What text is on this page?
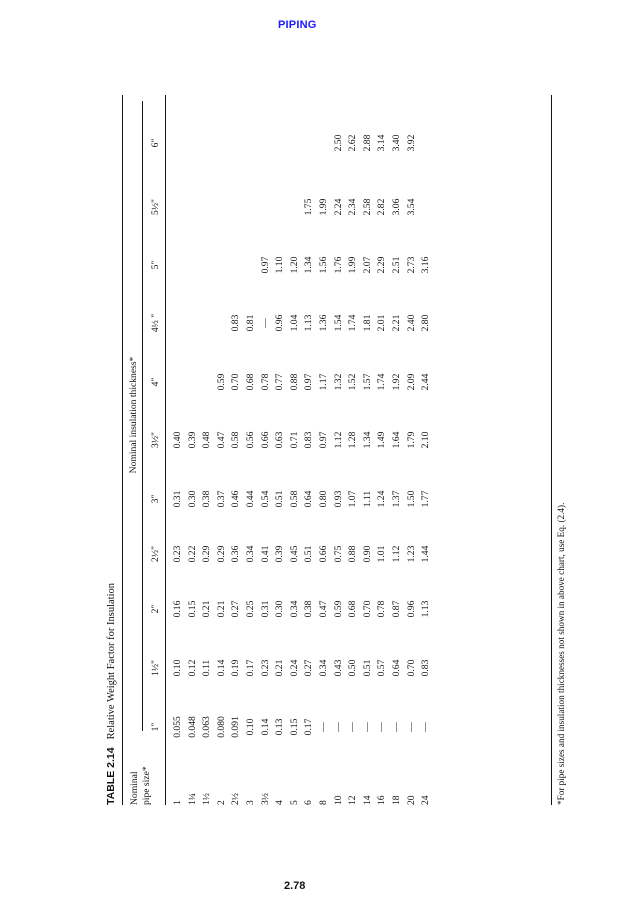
PIPING
TABLE 2.14Relative Weight Factor for Insulation
Nominal pipe size*
Nominal insulation thickness*
1"
1½"
2"
2½"
3"
3½"
4"
4½ "
5"
5½"
6"
1
0.055
0.10
0.16
0.23
0.31
0.40
1¼
0.048
0.12
0.15
0.22
0.30
0.39
1½
0.063
0.11
0.21
0.29
0.38
0.48
2
0.080
0.14
0.21
0.29
0.37
0.47
0.59
2½
0.091
0.19
0.27
0.36
0.46
0.58
0.70
0.83
3
0.10
0.17
0.25
0.34
0.44
0.56
0.68
0.81
3½
0.14
0.23
0.31
0.41
0.54
0.66
0.78
—
0.97
4
0.13
0.21
0.30
0.39
0.51
0.63
0.77
0.96
1.10
5
0.15
0.24
0.34
0.45
0.58
0.71
0.88
1.04
1.20
6
0.17
0.27
0.38
0.51
0.64
0.83
0.97
1.13
1.34
1.75
8
—
0.34
0.47
0.66
0.80
0.97
1.17
1.36
1.56
1.99
10
—
0.43
0.59
0.75
0.93
1.12
1.32
1.54
1.76
2.24
2.50
12
—
0.50
0.68
0.88
1.07
1.28
1.52
1.74
1.99
2.34
2.62
14
—
0.51
0.70
0.90
1.11
1.34
1.57
1.81
2.07
2.58
2.88
16
—
0.57
0.78
1.01
1.24
1.49
1.74
2.01
2.29
2.82
3.14
18
—
0.64
0.87
1.12
1.37
1.64
1.92
2.21
2.51
3.06
3.40
20
—
0.70
0.96
1.23
1.50
1.79
2.09
2.40
2.73
3.54
3.92
24
—
0.83
1.13
1.44
1.77
2.10
2.44
2.80
3.16
*For pipe sizes and insulation thicknesses not shown in above chart, use Eq. (2.4).
2.78
